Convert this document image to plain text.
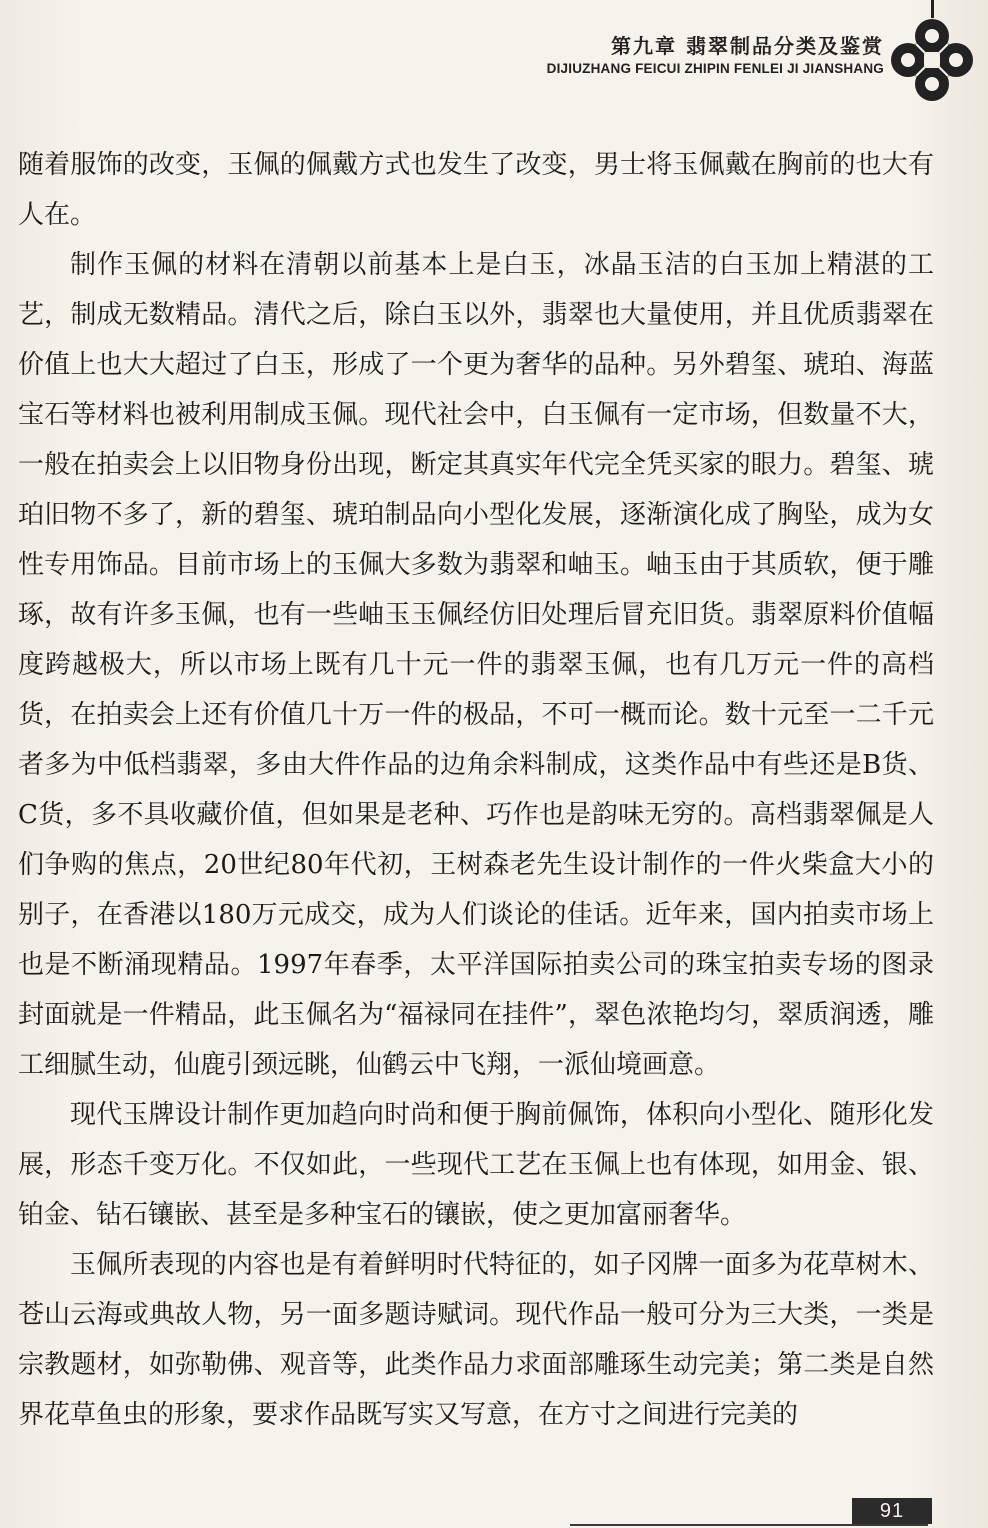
第九章 翡翠制品分类及鉴赏
DIJIUZHANG FEICUI ZHIPIN FENLEI JI JIANSHANG

随着服饰的改变，玉佩的佩戴方式也发生了改变，男士将玉佩戴在胸前的也大有人在。

制作玉佩的材料在清朝以前基本上是白玉，冰晶玉洁的白玉加上精湛的工艺，制成无数精品。清代之后，除白玉以外，翡翠也大量使用，并且优质翡翠在价值上也大大超过了白玉，形成了一个更为奢华的品种。另外碧玺、琥珀、海蓝宝石等材料也被利用制成玉佩。现代社会中，白玉佩有一定市场，但数量不大，一般在拍卖会上以旧物身份出现，断定其真实年代完全凭买家的眼力。碧玺、琥珀旧物不多了，新的碧玺、琥珀制品向小型化发展，逐渐演化成了胸坠，成为女性专用饰品。目前市场上的玉佩大多数为翡翠和岫玉。岫玉由于其质软，便于雕琢，故有许多玉佩，也有一些岫玉玉佩经仿旧处理后冒充旧货。翡翠原料价值幅度跨越极大，所以市场上既有几十元一件的翡翠玉佩，也有几万元一件的高档货，在拍卖会上还有价值几十万一件的极品，不可一概而论。数十元至一二千元者多为中低档翡翠，多由大件作品的边角余料制成，这类作品中有些还是B货、C货，多不具收藏价值，但如果是老种、巧作也是韵味无穷的。高档翡翠佩是人们争购的焦点，20世纪80年代初，王树森老先生设计制作的一件火柴盒大小的别子，在香港以180万元成交，成为人们谈论的佳话。近年来，国内拍卖市场上也是不断涌现精品。1997年春季，太平洋国际拍卖公司的珠宝拍卖专场的图录封面就是一件精品，此玉佩名为“福禄同在挂件”，翠色浓艳均匀，翠质润透，雕工细腻生动，仙鹿引颈远眺，仙鹤云中飞翔，一派仙境画意。

现代玉牌设计制作更加趋向时尚和便于胸前佩饰，体积向小型化、随形化发展，形态千变万化。不仅如此，一些现代工艺在玉佩上也有体现，如用金、银、铂金、钻石镶嵌、甚至是多种宝石的镶嵌，使之更加富丽奢华。

玉佩所表现的内容也是有着鲜明时代特征的，如子冈牌一面多为花草树木、苍山云海或典故人物，另一面多题诗赋词。现代作品一般可分为三大类，一类是宗教题材，如弥勒佛、观音等，此类作品力求面部雕琢生动完美；第二类是自然界花草鱼虫的形象，要求作品既写实又写意，在方寸之间进行完美的

91
